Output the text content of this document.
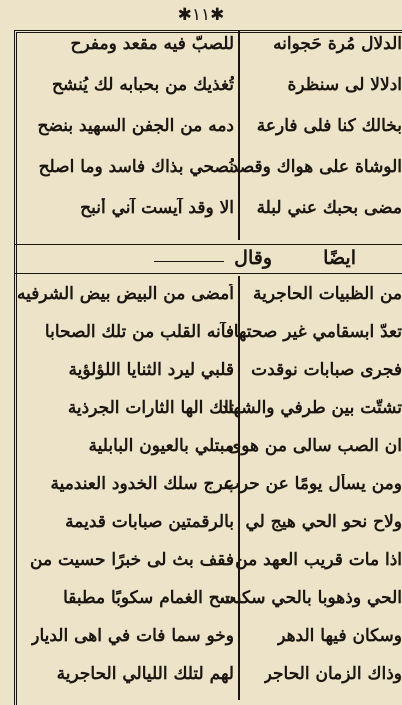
✱١١✱
وقال	ايضًا
الدلال مُرة حَجوانه
ادلالا لى سنظرة
بخالك كنا فلى فارعة
الوشاة على هواك وقصد
مضى بحبك عني لبلة
للصبّ فيه مقعد ومفرح
تُغذيك من بحبابه لك يُنشح
دمه من الجفن السهيد بنضح
نُصحي بذاك فاسد وما اصلح
الا وقد آيست آني أنبح
من الظبيات الحاجرية
تعدّ ابسقامي غير صحتها
فجرى صبابات نوقدت
تشتّت بين طرفي والشهاد
ان الصب سالى من هوى
ومن يسأل يومًا عن حرب
ولاح نحو الحي هيج لي
اذا مات قريب العهد من
الحي وذهوبا بالحي سكنت
وسكان فيها الدهر
وذاك الزمان الحاجر
اُمضى من البيض بيض الشرفيه
فآنه القلب من تلك الصحابا
قلبي ليرد الثنايا اللؤلؤية
تلك الها الثارات الجرذية
مبتلي بالعيون البابلية
عرج سلك الخدود العندمية
بالرقمتين صبابات قديمة
فقف بث لى خبرًا حسيت من
سح الغمام سكوبًا مطبقا
وخو سما فات في اهى الديار
لهم لتلك الليالي الحاجرية
